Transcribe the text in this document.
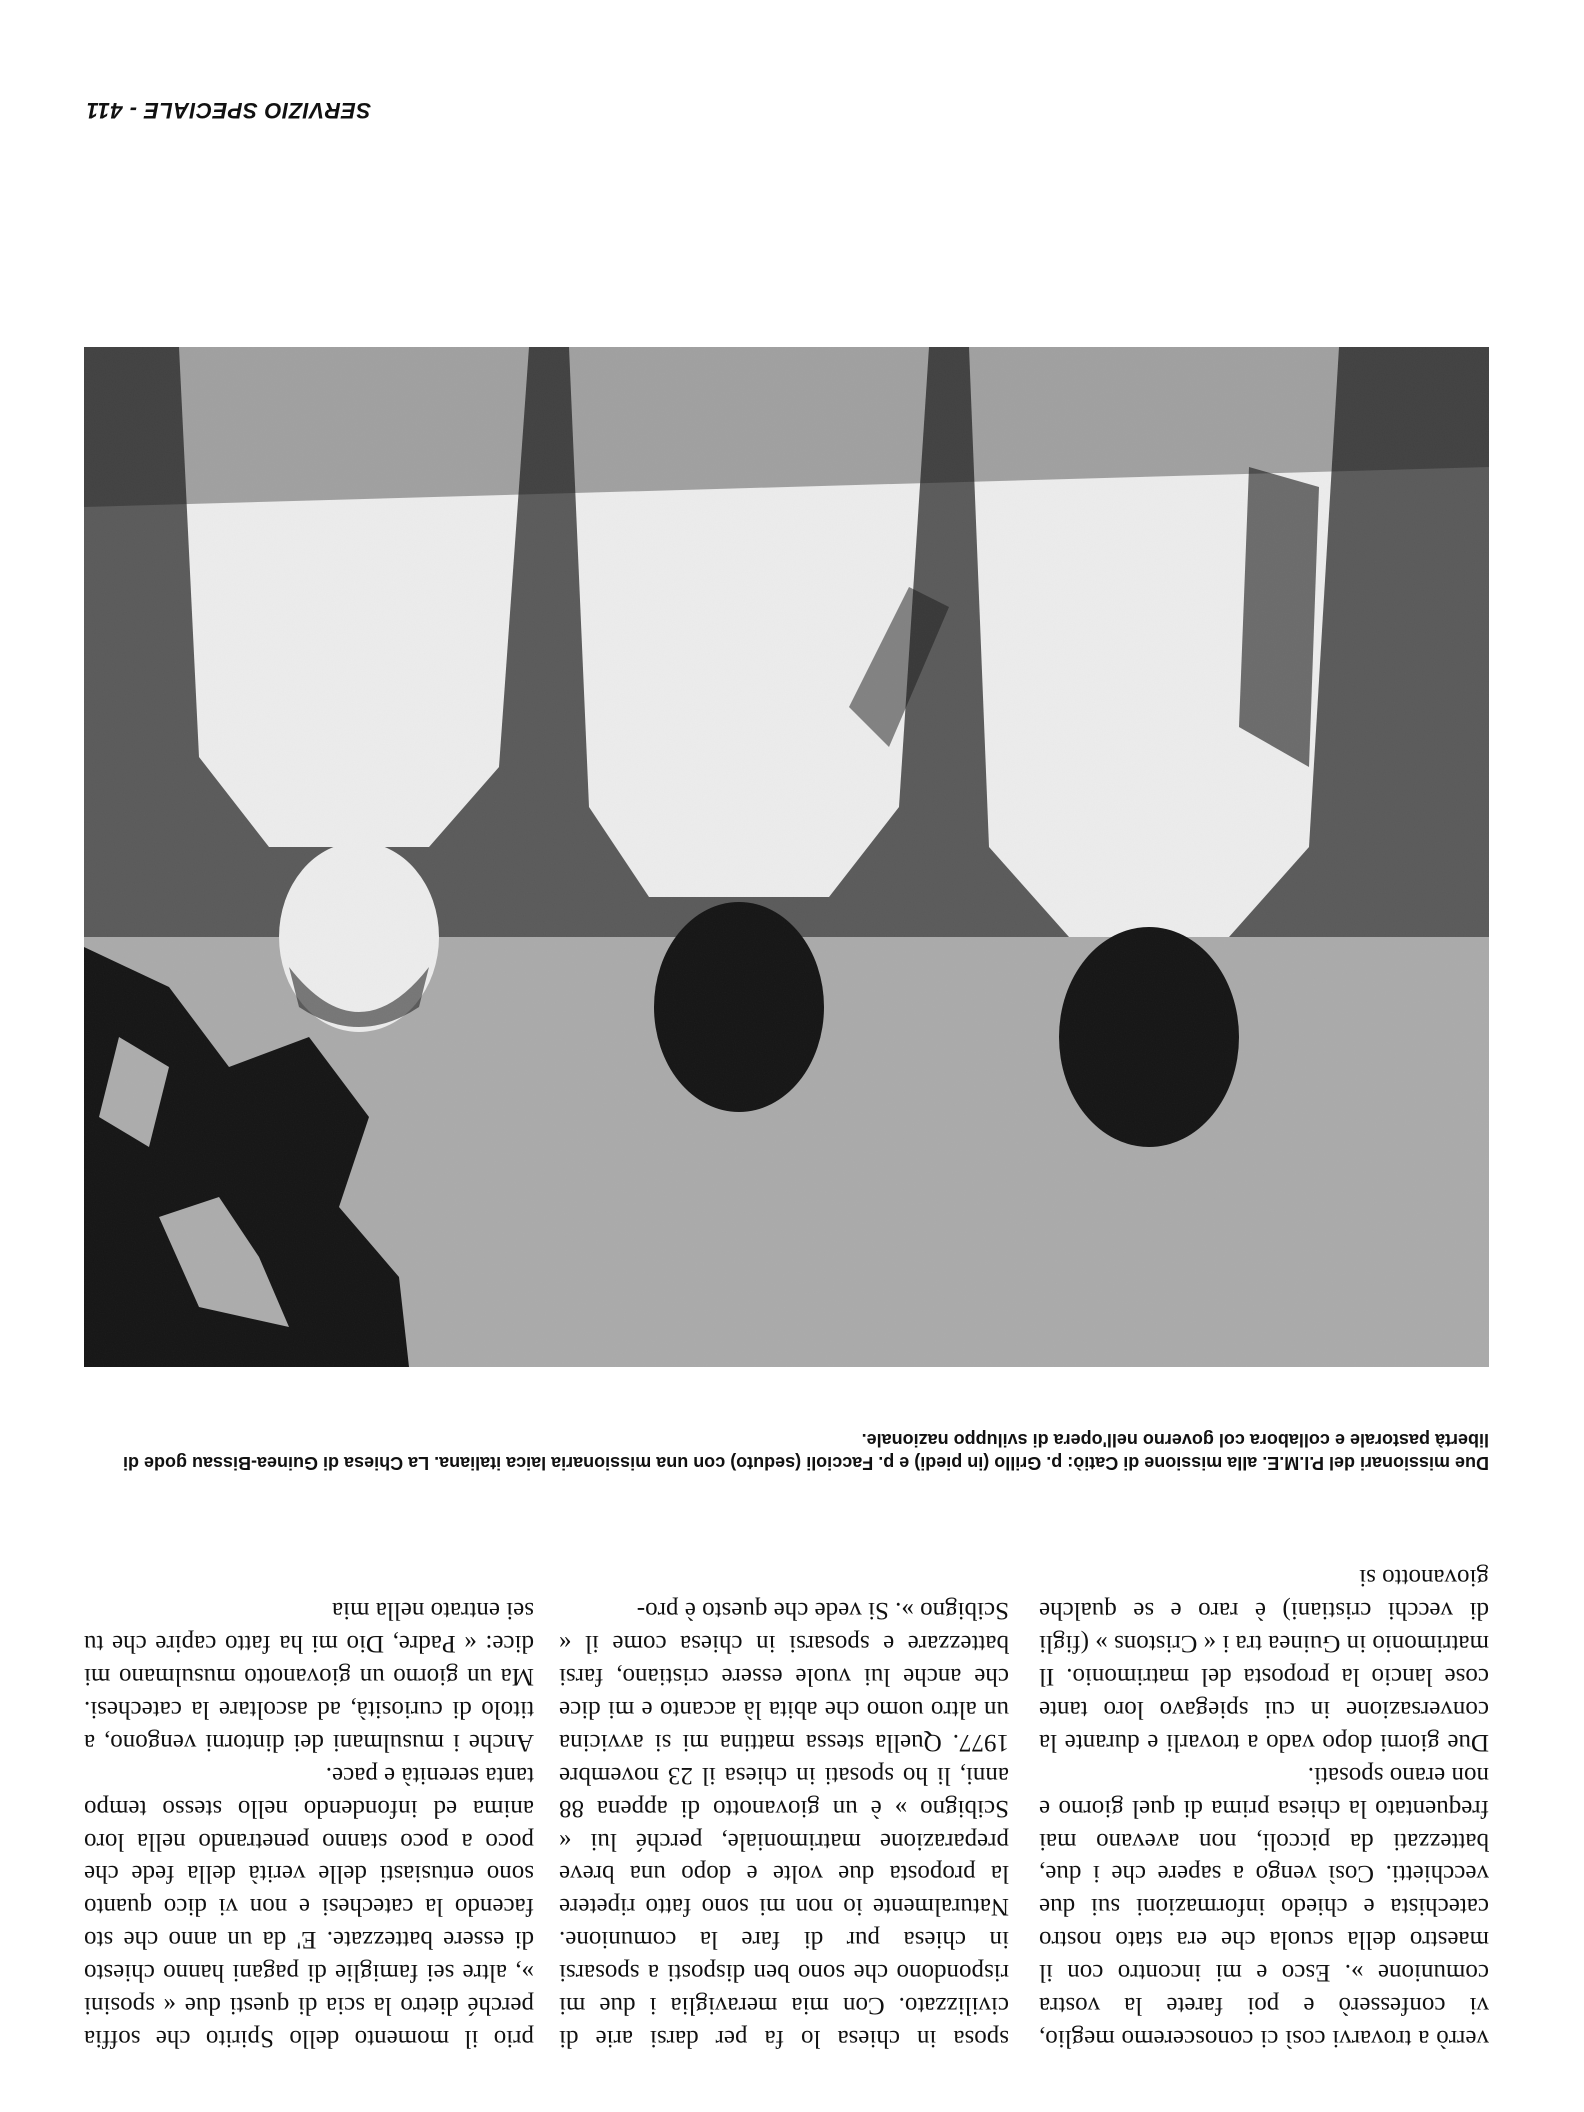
verrò a trovarvi così ci conosceremo meglio, vi confesserò e poi farete la vostra comunione ». Esco e mi incontro con il maestro della scuola che era stato nostro catechista e chiedo informazioni sui due vecchietti. Così vengo a sapere che i due, battezzati da piccoli, non avevano mai frequentato la chiesa prima di quel giorno e non erano sposati.
Due giorni dopo vado a trovarli e durante la conversazione in cui spiegavo loro tante cose lancio la proposta del matrimonio. Il matrimonio in Guinea tra i « Cristons » (figli di vecchi cristiani) è raro e se qualche giovanotto si
sposa in chiesa lo fa per darsi arie di civilizzato. Con mia meraviglia i due mi rispondono che sono ben disposti a sposarsi in chiesa pur di fare la comunione. Naturalmente io non mi sono fatto ripetere la proposta due volte e dopo una breve preparazione matrimoniale, perché lui « Scibigno » è un giovanotto di appena 88 anni, li ho sposati in chiesa il 23 novembre 1977. Quella stessa mattina mi si avvicina un altro uomo che abita là accanto e mi dice che anche lui vuole essere cristiano, farsi battezzare e sposarsi in chiesa come il « Scibigno ». Si vede che questo è pro-
prio il momento dello Spirito che soffia perché dietro la scia di questi due « sposini », altre sei famiglie di pagani hanno chiesto di essere battezzate. E' da un anno che sto facendo la catechesi e non vi dico quanto sono entusiasti delle verità della fede che poco a poco stanno penetrando nella loro anima ed infondendo nello stesso tempo tanta serenità e pace.
Anche i musulmani dei dintorni vengono, a titolo di curiosità, ad ascoltare la catechesi. Ma un giorno un giovanotto musulmano mi dice: « Padre, Dio mi ha fatto capire che tu sei entrato nella mia
Due missionari del P.I.M.E. alla missione di Catiò: p. Grillo (in piedi) e p. Faccioli (seduto) con una missionaria laica italiana. La Chiesa di Guinea-Bissau gode di libertà pastorale e collabora col governo nell'opera di sviluppo nazionale.
SERVIZIO SPECIALE - 411
